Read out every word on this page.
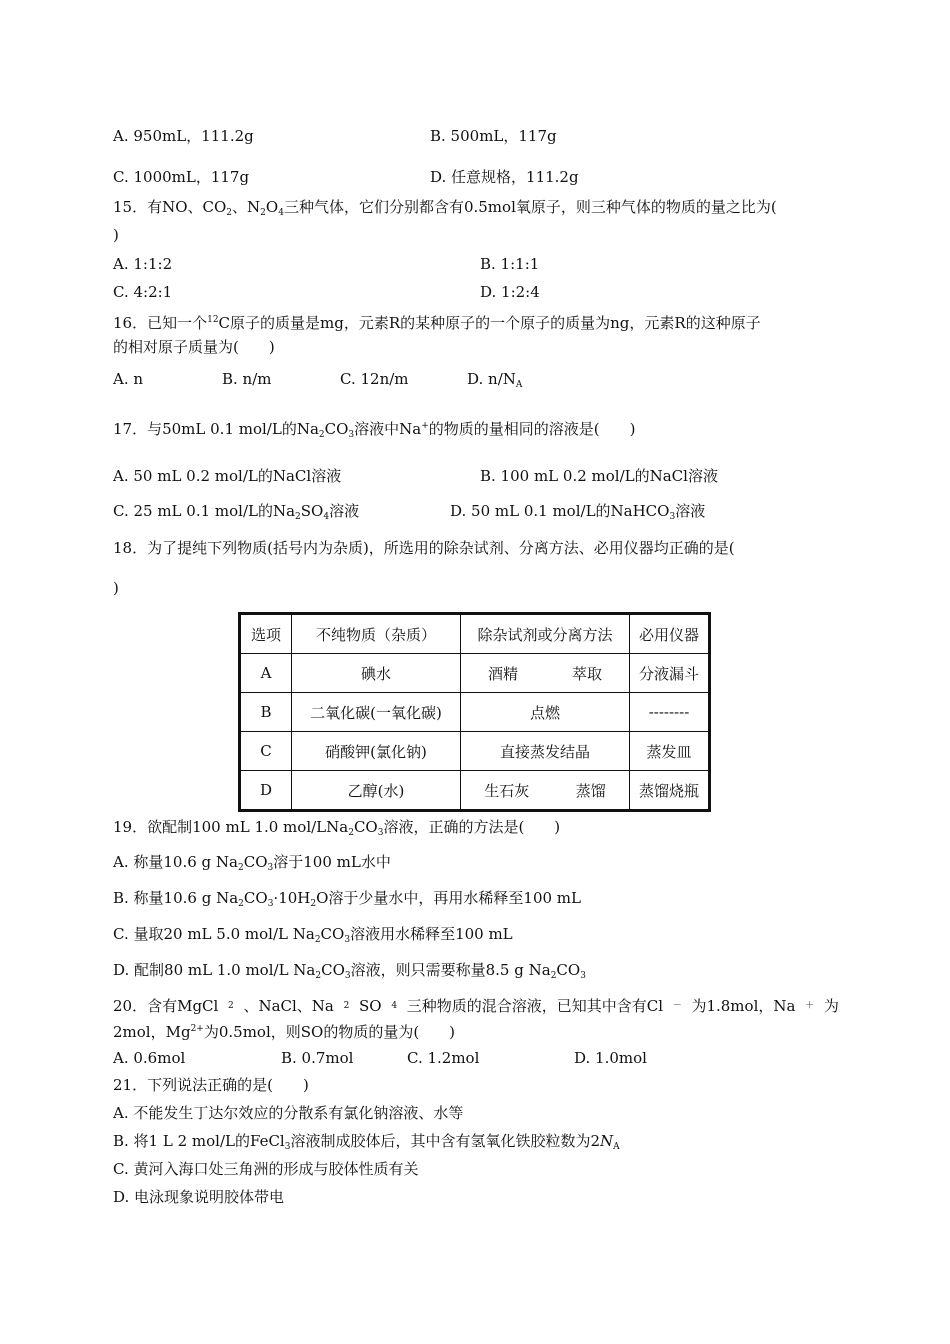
A. 950mL，111.2g	B. 500mL，117g
C. 1000mL，117g	D. 任意规格，111.2g
15．有NO、$CO_2$、$N_2O_4$三种气体，它们分别都含有0.5mol氧原子，则三种气体的物质的量之比为(
)
A. 1:1:2	B. 1:1:1
C. 4:2:1	D. 1:2:4
16．已知一个$^{12}$C原子的质量是mg，元素R的某种原子的一个原子的质量为ng，元素R的这种原子
的相对原子质量为(　　)
A. n	B. n/m	C. 12n/m	D. $n/N_A$
17．与50mL 0.1 mol/L的$Na_2CO_3$溶液中Na+的物质的量相同的溶液是(　　)
A. 50 mL 0.2 mol/L的NaCl溶液	B. 100 mL 0.2 mol/L的NaCl溶液
C. 25 mL 0.1 mol/L的$Na_2SO_4$溶液	D. 50 mL 0.1 mol/L的NaHCO$_3$溶液
18．为了提纯下列物质(括号内为杂质)，所选用的除杂试剂、分离方法、必用仪器均正确的是(
)
选项	不纯物质（杂质）	除杂试剂或分离方法	必用仪器
A	碘水	酒精 萃取	分液漏斗
B	二氧化碳(一氧化碳)	点燃	--------
C	硝酸钾(氯化钠)	直接蒸发结晶	蒸发皿
D	乙醇(水)	生石灰 蒸馏	蒸馏烧瓶
19．欲配制100 mL 1.0 mol/$LNa_2CO_3$溶液，正确的方法是(　　)
A. 称量10.6 g $Na_2CO_3$溶于100 mL水中
B. 称量10.6 g $Na_2CO_3\cdot 10H_2O$溶于少量水中，再用水稀释至100 mL
C. 量取20 mL 5.0 mol/L $Na_2CO_3$溶液用水稀释至100 mL
D. 配制80 mL 1.0 mol/L $Na_2CO_3$溶液，则只需要称量8.5 g $Na_2CO_3$
20．含有MgCl 2 、NaCl、Na 2 SO 4 三种物质的混合溶液，已知其中含有Cl － 为1.8mol，Na ＋ 为
2mol，$Mg^{2+}$为0.5mol，则SO的物质的量为(　　)
A. 0.6mol	B. 0.7mol	C. 1.2mol	D. 1.0mol
21．下列说法正确的是(　　)
A. 不能发生丁达尔效应的分散系有氯化钠溶液、水等
B. 将1 L 2 mol/L的FeCl$_3$溶液制成胶体后，其中含有氢氧化铁胶粒数为$2N_A$
C. 黄河入海口处三角洲的形成与胶体性质有关
D. 电泳现象说明胶体带电
